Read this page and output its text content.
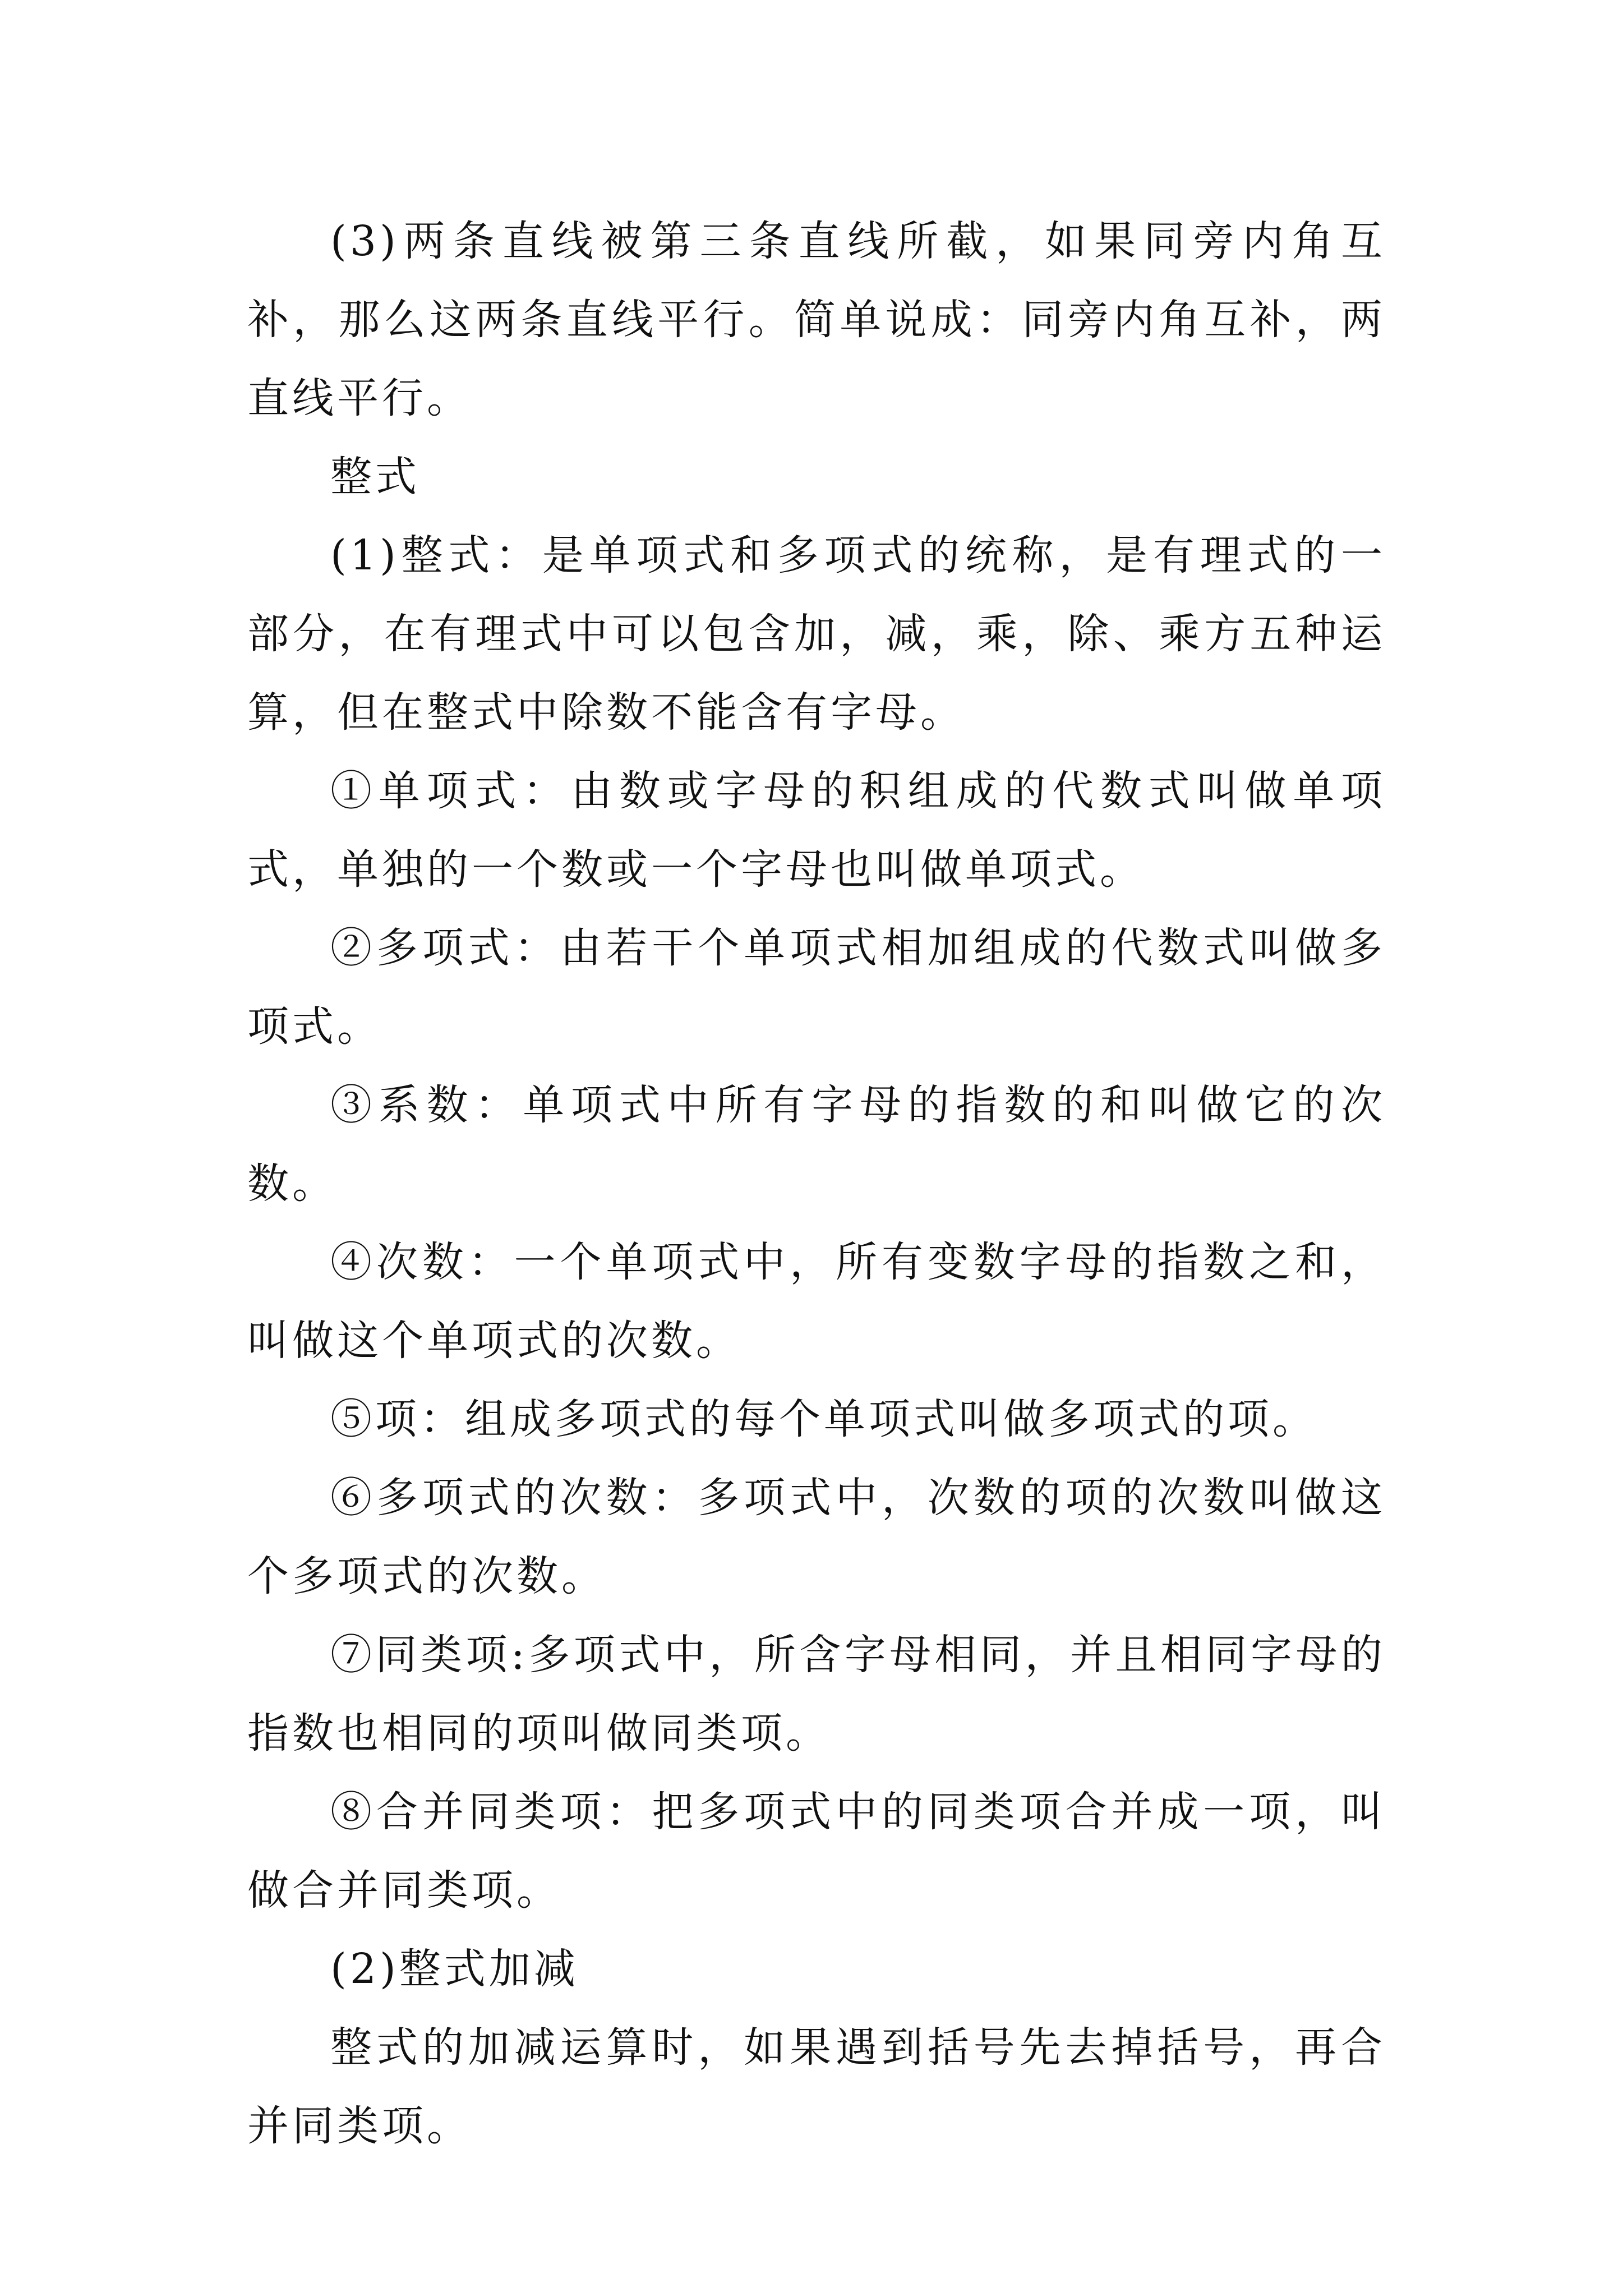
(3)两条直线被第三条直线所截，如果同旁内角互补，那么这两条直线平行。简单说成：同旁内角互补，两直线平行。

整式

(1)整式：是单项式和多项式的统称，是有理式的一部分，在有理式中可以包含加，减，乘，除、乘方五种运算，但在整式中除数不能含有字母。

①单项式：由数或字母的积组成的代数式叫做单项式，单独的一个数或一个字母也叫做单项式。

②多项式：由若干个单项式相加组成的代数式叫做多项式。

③系数：单项式中所有字母的指数的和叫做它的次数。

④次数：一个单项式中，所有变数字母的指数之和，叫做这个单项式的次数。

⑤项：组成多项式的每个单项式叫做多项式的项。

⑥多项式的次数：多项式中，次数的项的次数叫做这个多项式的次数。

⑦同类项:多项式中，所含字母相同，并且相同字母的指数也相同的项叫做同类项。

⑧合并同类项：把多项式中的同类项合并成一项，叫做合并同类项。

(2)整式加减

整式的加减运算时，如果遇到括号先去掉括号，再合并同类项。
